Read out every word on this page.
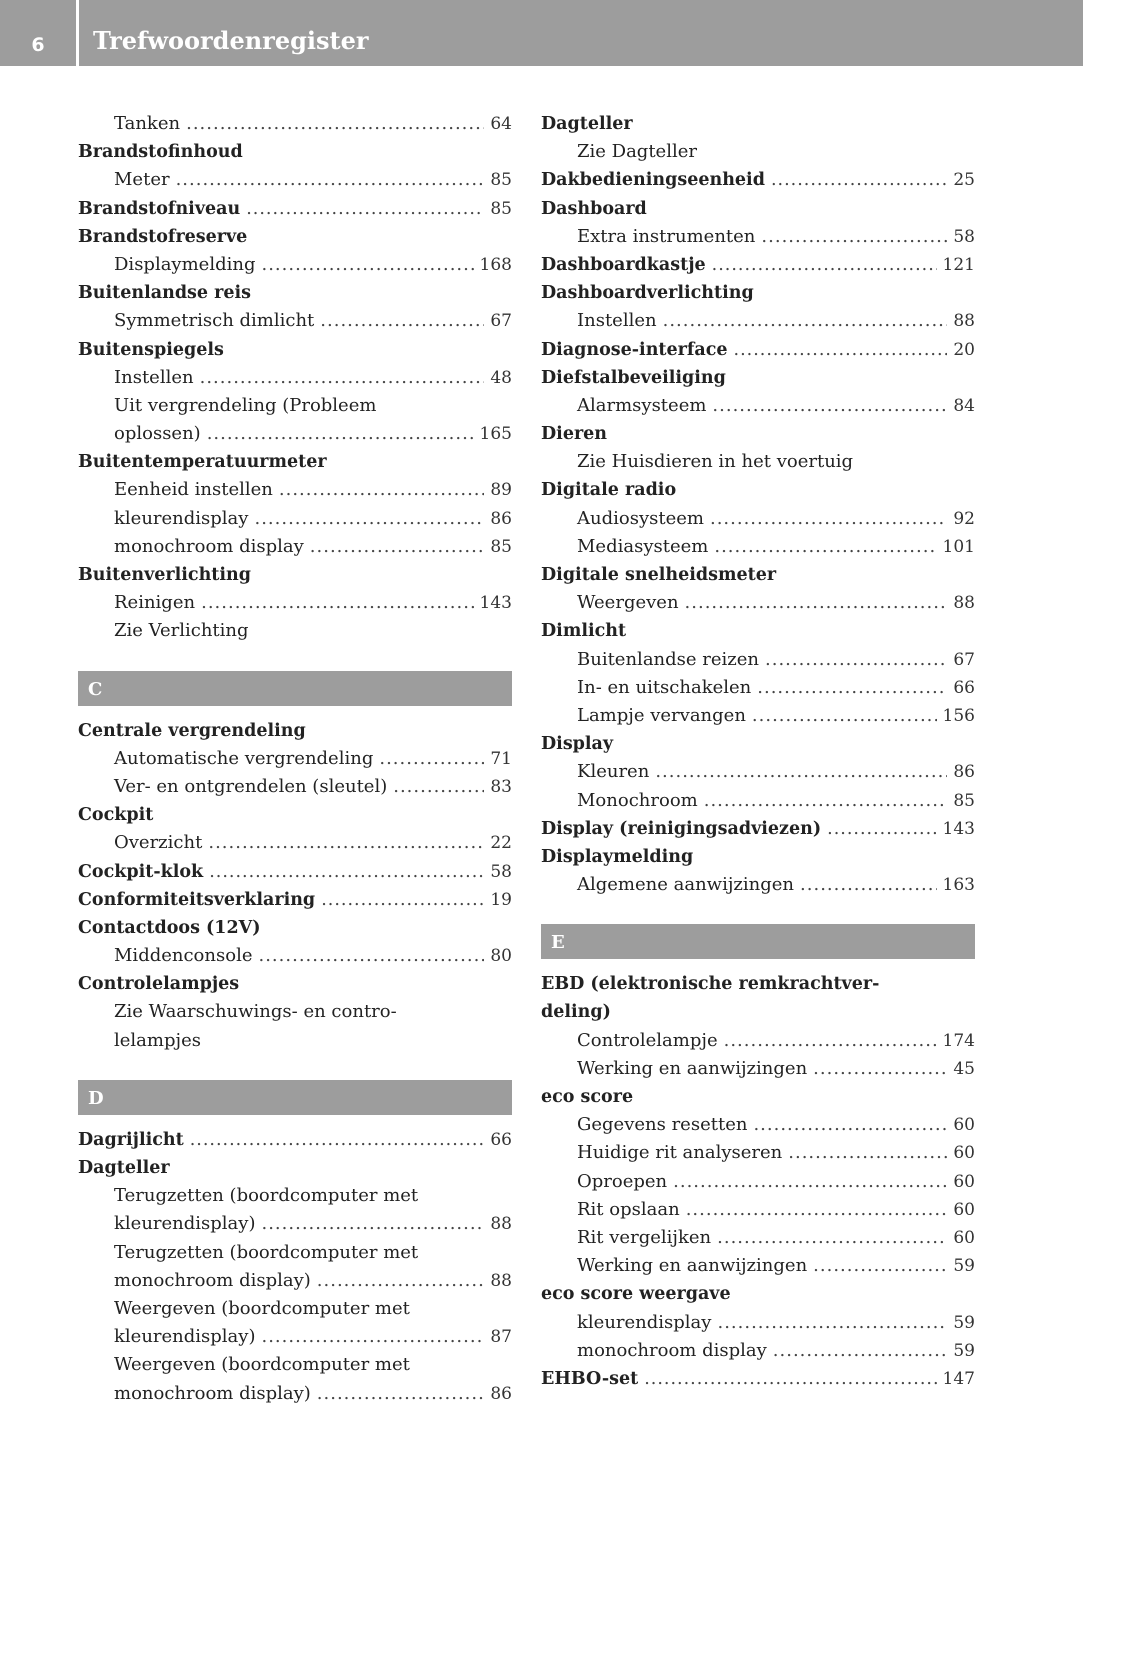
6	Trefwoordenregister
Tanken .....	64
Brandstofinhoud
Meter .....	85
Brandstofniveau .....	85
Brandstofreserve
Displaymelding .....	168
Buitenlandse reis
Symmetrisch dimlicht .....	67
Buitenspiegels
Instellen .....	48
Uit vergrendeling (Probleem
oplossen) .....	165
Buitentemperatuurmeter
Eenheid instellen .....	89
kleurendisplay .....	86
monochroom display .....	85
Buitenverlichting
Reinigen .....	143
Zie Verlichting
C
Centrale vergrendeling
Automatische vergrendeling .....	71
Ver- en ontgrendelen (sleutel) .....	83
Cockpit
Overzicht .....	22
Cockpit-klok .....	58
Conformiteitsverklaring .....	19
Contactdoos (12V)
Middenconsole .....	80
Controlelampjes
Zie Waarschuwings- en contro-
lelampjes
D
Dagrijlicht .....	66
Dagteller
Terugzetten (boordcomputer met
kleurendisplay) .....	88
Terugzetten (boordcomputer met
monochroom display) .....	88
Weergeven (boordcomputer met
kleurendisplay) .....	87
Weergeven (boordcomputer met
monochroom display) .....	86
Dagteller
Zie Dagteller
Dakbedieningseenheid .....	25
Dashboard
Extra instrumenten .....	58
Dashboardkastje .....	121
Dashboardverlichting
Instellen .....	88
Diagnose-interface .....	20
Diefstalbeveiliging
Alarmsysteem .....	84
Dieren
Zie Huisdieren in het voertuig
Digitale radio
Audiosysteem .....	92
Mediasysteem .....	101
Digitale snelheidsmeter
Weergeven .....	88
Dimlicht
Buitenlandse reizen .....	67
In- en uitschakelen .....	66
Lampje vervangen .....	156
Display
Kleuren .....	86
Monochroom .....	85
Display (reinigingsadviezen) .....	143
Displaymelding
Algemene aanwijzingen .....	163
E
EBD (elektronische remkrachtver-
deling)
Controlelampje .....	174
Werking en aanwijzingen .....	45
eco score
Gegevens resetten .....	60
Huidige rit analyseren .....	60
Oproepen .....	60
Rit opslaan .....	60
Rit vergelijken .....	60
Werking en aanwijzingen .....	59
eco score weergave
kleurendisplay .....	59
monochroom display .....	59
EHBO-set .....	147
